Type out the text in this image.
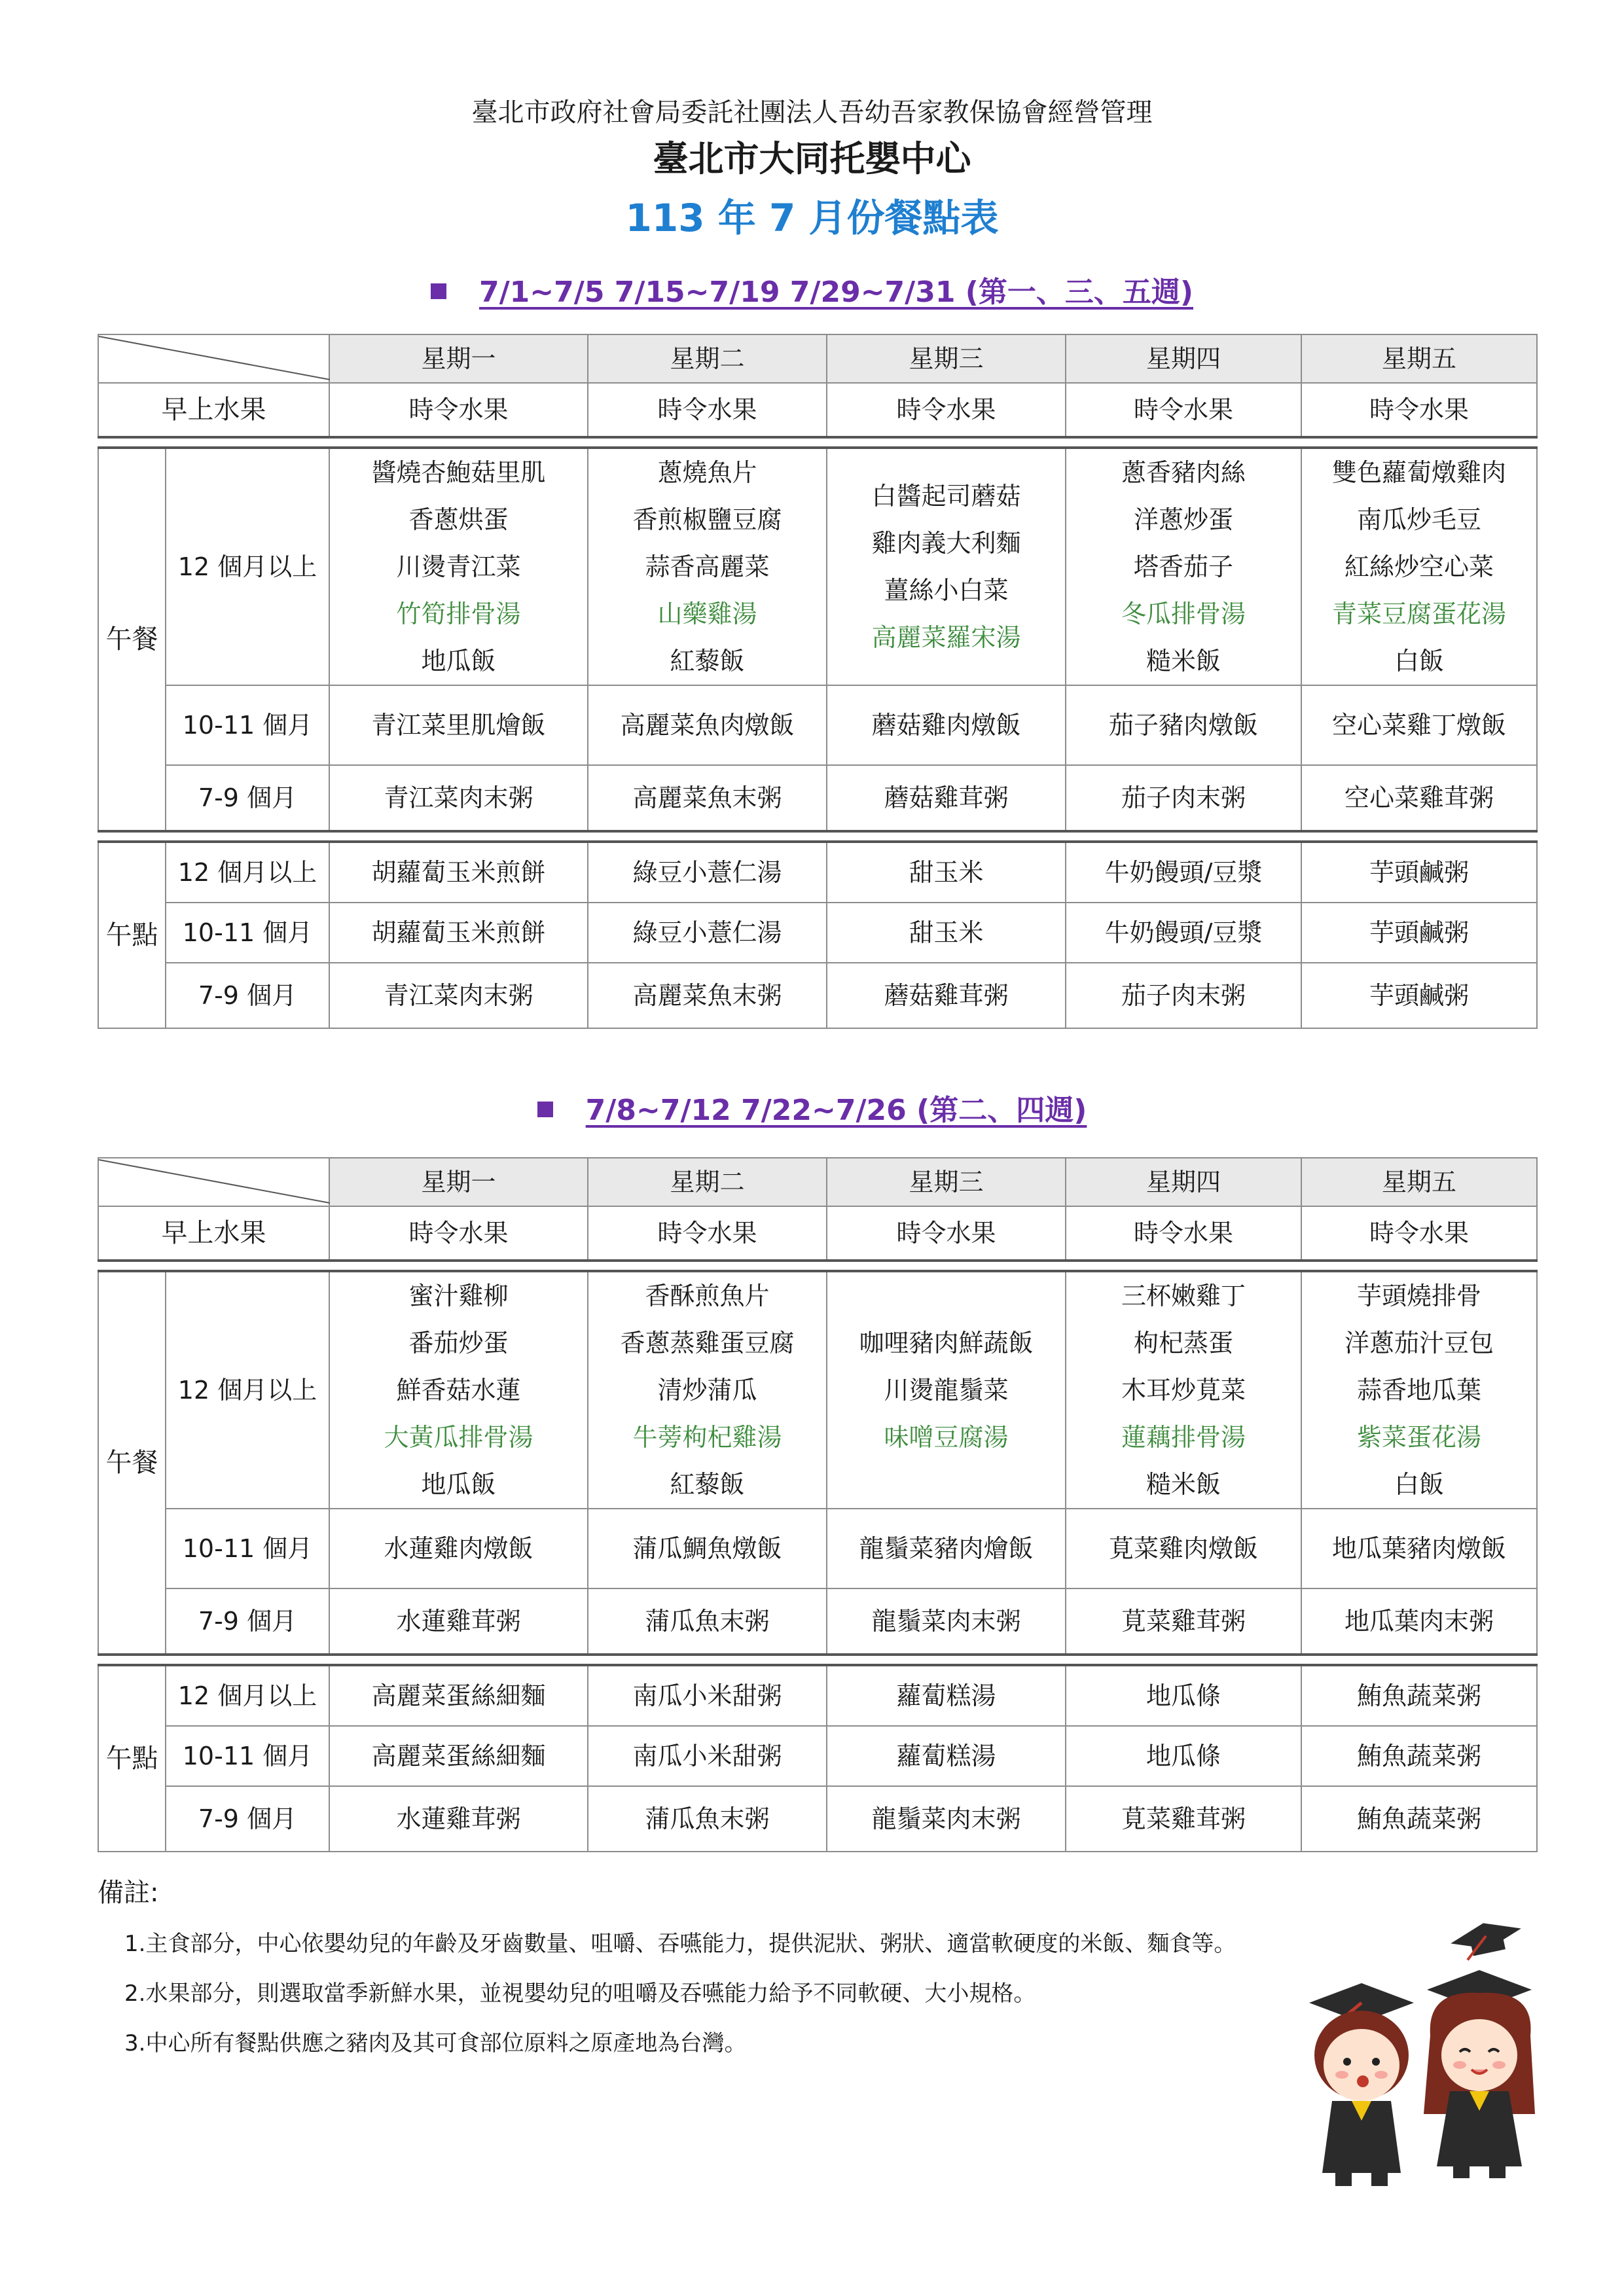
臺北市政府社會局委託社團法人吾幼吾家教保協會經營管理
臺北市大同托嬰中心
113 年 7 月份餐點表
7/1~7/5 7/15~7/19 7/29~7/31 (第一、三、五週)
	星期一	星期二	星期三	星期四	星期五
早上水果		時令水果	時令水果	時令水果	時令水果	時令水果

午餐	12 個月以上	醬燒杏鮑菇里肌
香蔥烘蛋
川燙青江菜
竹筍排骨湯
地瓜飯	蔥燒魚片
香煎椒鹽豆腐
蒜香高麗菜
山藥雞湯
紅藜飯	白醬起司蘑菇
雞肉義大利麵
薑絲小白菜
高麗菜羅宋湯	蔥香豬肉絲
洋蔥炒蛋
塔香茄子
冬瓜排骨湯
糙米飯	雙色蘿蔔燉雞肉
南瓜炒毛豆
紅絲炒空心菜
青菜豆腐蛋花湯
白飯

	10-11 個月	青江菜里肌燴飯	高麗菜魚肉燉飯	蘑菇雞肉燉飯	茄子豬肉燉飯	空心菜雞丁燉飯
	7-9 個月	青江菜肉末粥	高麗菜魚末粥	蘑菇雞茸粥	茄子肉末粥	空心菜雞茸粥

午點	12 個月以上	胡蘿蔔玉米煎餅	綠豆小薏仁湯	甜玉米	牛奶饅頭/豆漿	芋頭鹹粥
	10-11 個月	胡蘿蔔玉米煎餅	綠豆小薏仁湯	甜玉米	牛奶饅頭/豆漿	芋頭鹹粥
	7-9 個月	青江菜肉末粥	高麗菜魚末粥	蘑菇雞茸粥	茄子肉末粥	芋頭鹹粥
7/8~7/12 7/22~7/26 (第二、四週)
	星期一	星期二	星期三	星期四	星期五
早上水果		時令水果	時令水果	時令水果	時令水果	時令水果

午餐	12 個月以上	蜜汁雞柳
番茄炒蛋
鮮香菇水蓮
大黃瓜排骨湯
地瓜飯	香酥煎魚片
香蔥蒸雞蛋豆腐
清炒蒲瓜
牛蒡枸杞雞湯
紅藜飯	咖哩豬肉鮮蔬飯
川燙龍鬚菜
味噌豆腐湯	三杯嫩雞丁
枸杞蒸蛋
木耳炒莧菜
蓮藕排骨湯
糙米飯	芋頭燒排骨
洋蔥茄汁豆包
蒜香地瓜葉
紫菜蛋花湯
白飯

	10-11 個月	水蓮雞肉燉飯	蒲瓜鯛魚燉飯	龍鬚菜豬肉燴飯	莧菜雞肉燉飯	地瓜葉豬肉燉飯
	7-9 個月	水蓮雞茸粥	蒲瓜魚末粥	龍鬚菜肉末粥	莧菜雞茸粥	地瓜葉肉末粥

午點	12 個月以上	高麗菜蛋絲細麵	南瓜小米甜粥	蘿蔔糕湯	地瓜條	鮪魚蔬菜粥
	10-11 個月	高麗菜蛋絲細麵	南瓜小米甜粥	蘿蔔糕湯	地瓜條	鮪魚蔬菜粥
	7-9 個月	水蓮雞茸粥	蒲瓜魚末粥	龍鬚菜肉末粥	莧菜雞茸粥	鮪魚蔬菜粥
備註:
1.主食部分，中心依嬰幼兒的年齡及牙齒數量、咀嚼、吞嚥能力，提供泥狀、粥狀、適當軟硬度的米飯、麵食等。
2.水果部分，則選取當季新鮮水果，並視嬰幼兒的咀嚼及吞嚥能力給予不同軟硬、大小規格。
3.中心所有餐點供應之豬肉及其可食部位原料之原產地為台灣。
